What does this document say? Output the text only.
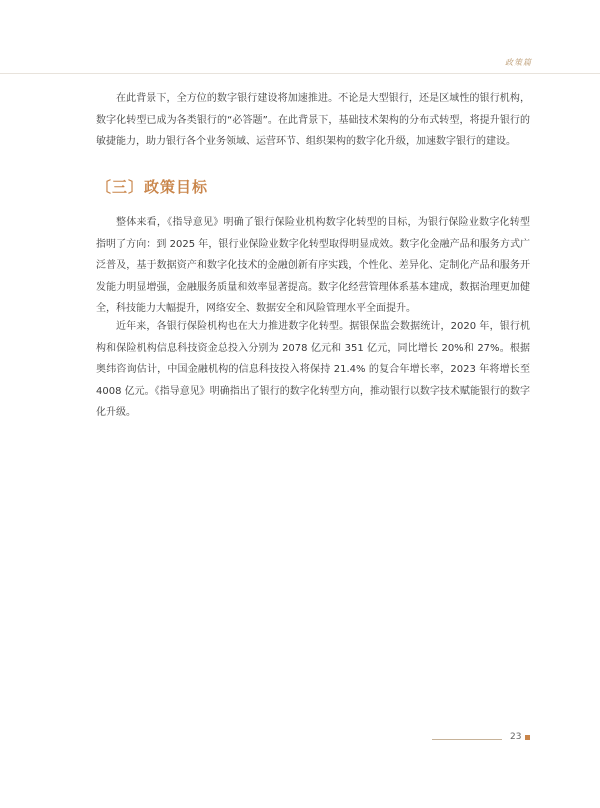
政策篇

在此背景下，全方位的数字银行建设将加速推进。不论是大型银行，还是区域性的银行机构，数字化转型已成为各类银行的“必答题”。在此背景下，基础技术架构的分布式转型，将提升银行的敏捷能力，助力银行各个业务领域、运营环节、组织架构的数字化升级，加速数字银行的建设。

〔三〕政策目标

整体来看，《指导意见》明确了银行保险业机构数字化转型的目标，为银行保险业数字化转型指明了方向：到 2025 年，银行业保险业数字化转型取得明显成效。数字化金融产品和服务方式广泛普及，基于数据资产和数字化技术的金融创新有序实践，个性化、差异化、定制化产品和服务开发能力明显增强，金融服务质量和效率显著提高。数字化经营管理体系基本建成，数据治理更加健全，科技能力大幅提升，网络安全、数据安全和风险管理水平全面提升。

近年来，各银行保险机构也在大力推进数字化转型。据银保监会数据统计，2020 年，银行机构和保险机构信息科技资金总投入分别为 2078 亿元和 351 亿元，同比增长 20%和 27%。根据奥纬咨询估计，中国金融机构的信息科技投入将保持 21.4% 的复合年增长率，2023 年将增长至 4008 亿元。《指导意见》明确指出了银行的数字化转型方向，推动银行以数字技术赋能银行的数字化升级。

23
